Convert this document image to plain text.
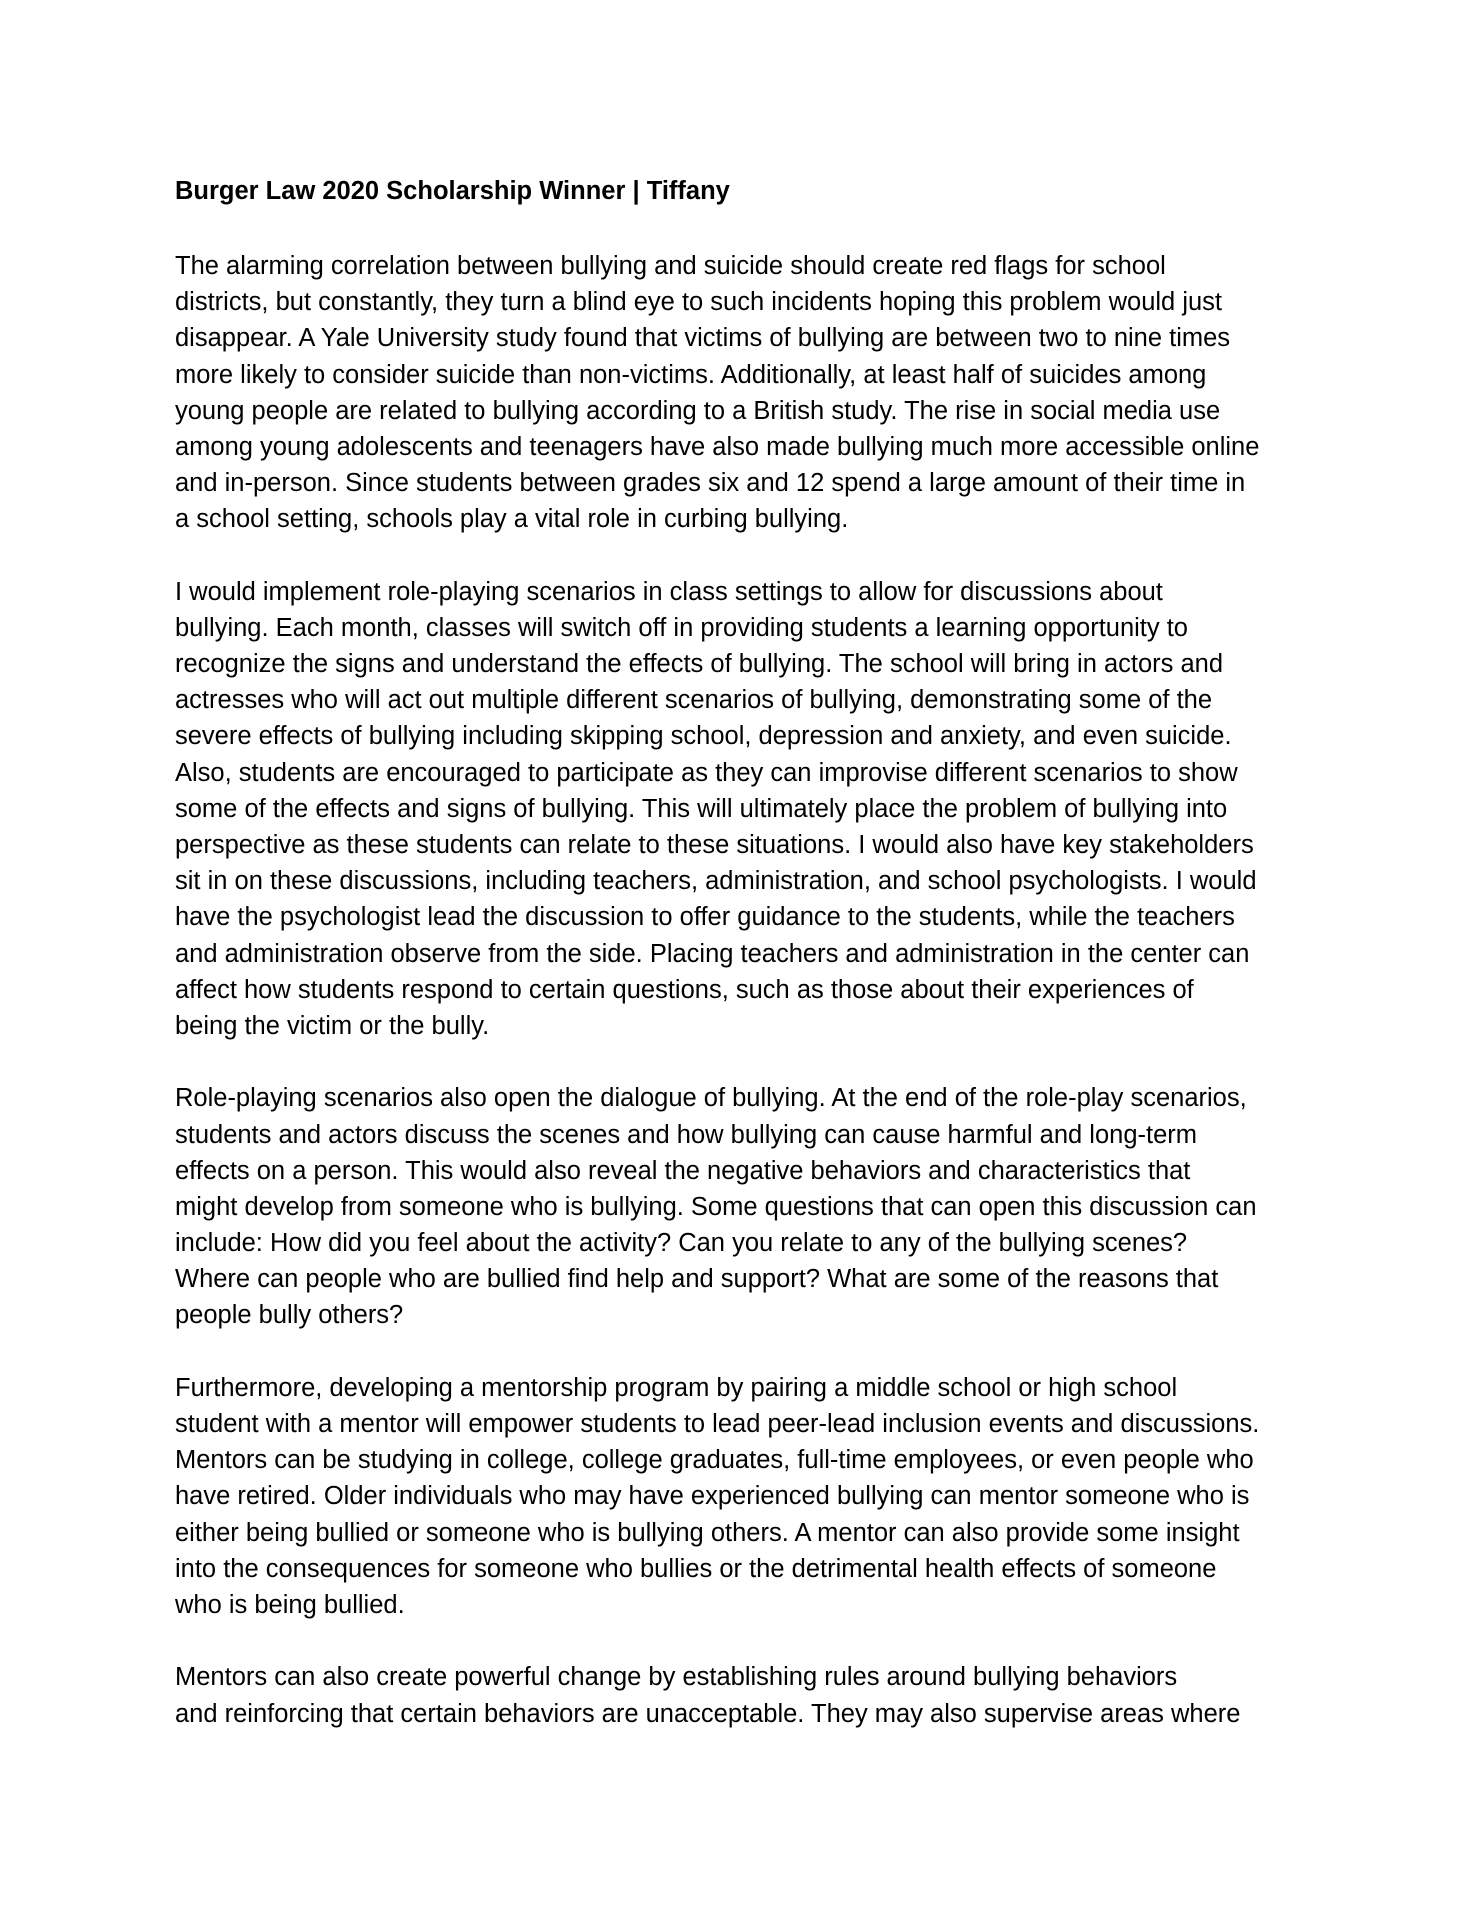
Burger Law 2020 Scholarship Winner | Tiffany

The alarming correlation between bullying and suicide should create red flags for school
districts, but constantly, they turn a blind eye to such incidents hoping this problem would just
disappear. A Yale University study found that victims of bullying are between two to nine times
more likely to consider suicide than non-victims. Additionally, at least half of suicides among
young people are related to bullying according to a British study. The rise in social media use
among young adolescents and teenagers have also made bullying much more accessible online
and in-person. Since students between grades six and 12 spend a large amount of their time in
a school setting, schools play a vital role in curbing bullying.

I would implement role-playing scenarios in class settings to allow for discussions about
bullying. Each month, classes will switch off in providing students a learning opportunity to
recognize the signs and understand the effects of bullying. The school will bring in actors and
actresses who will act out multiple different scenarios of bullying, demonstrating some of the
severe effects of bullying including skipping school, depression and anxiety, and even suicide.
Also, students are encouraged to participate as they can improvise different scenarios to show
some of the effects and signs of bullying. This will ultimately place the problem of bullying into
perspective as these students can relate to these situations. I would also have key stakeholders
sit in on these discussions, including teachers, administration, and school psychologists. I would
have the psychologist lead the discussion to offer guidance to the students, while the teachers
and administration observe from the side. Placing teachers and administration in the center can
affect how students respond to certain questions, such as those about their experiences of
being the victim or the bully.

Role-playing scenarios also open the dialogue of bullying. At the end of the role-play scenarios,
students and actors discuss the scenes and how bullying can cause harmful and long-term
effects on a person. This would also reveal the negative behaviors and characteristics that
might develop from someone who is bullying. Some questions that can open this discussion can
include: How did you feel about the activity? Can you relate to any of the bullying scenes?
Where can people who are bullied find help and support? What are some of the reasons that
people bully others?

Furthermore, developing a mentorship program by pairing a middle school or high school
student with a mentor will empower students to lead peer-lead inclusion events and discussions.
Mentors can be studying in college, college graduates, full-time employees, or even people who
have retired. Older individuals who may have experienced bullying can mentor someone who is
either being bullied or someone who is bullying others. A mentor can also provide some insight
into the consequences for someone who bullies or the detrimental health effects of someone
who is being bullied.

Mentors can also create powerful change by establishing rules around bullying behaviors
and reinforcing that certain behaviors are unacceptable. They may also supervise areas where
